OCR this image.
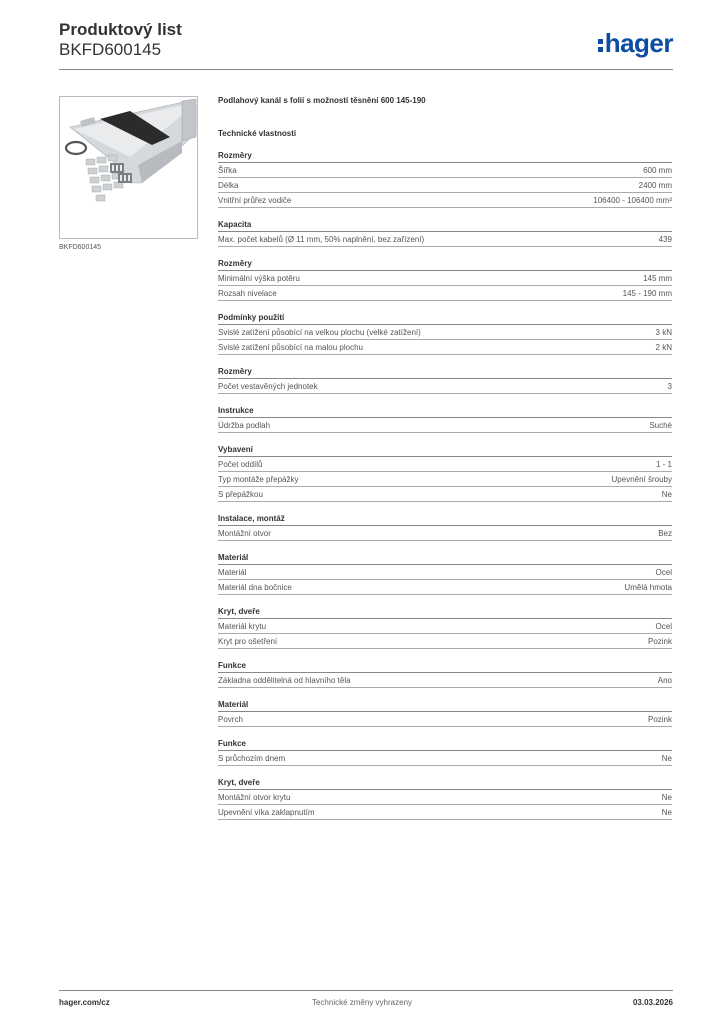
Produktový list
BKFD600145	hager
BKFD600145
Podlahový kanál s folií s možností těsnění 600 145-190
Technické vlastnosti
Rozměry
Šířka	600 mm
Délka	2400 mm
Vnitřní průřez vodiče	106400 - 106400 mm²
Kapacita
Max. počet kabelů (Ø 11 mm, 50% naplnění, bez zařízení)	439
Rozměry
Minimální výška potěru	145 mm
Rozsah nivelace	145 - 190 mm
Podmínky použití
Svislé zatížení působící na velkou plochu (velké zatížení)	3 kN
Svislé zatížení působící na malou plochu	2 kN
Rozměry
Počet vestavěných jednotek	3
Instrukce
Údržba podlah	Suché
Vybavení
Počet oddílů	1 - 1
Typ montáže přepážky	Upevnění šrouby
S přepážkou	Ne
Instalace, montáž
Montážní otvor	Bez
Materiál
Materiál	Ocel
Materiál dna bočnice	Umělá hmota
Kryt, dveře
Materiál krytu	Ocel
Kryt pro ošetření	Pozink
Funkce
Základna oddělitelná od hlavního těla	Ano
Materiál
Povrch	Pozink
Funkce
S průchozím dnem	Ne
Kryt, dveře
Montážní otvor krytu	Ne
Upevnění víka zaklapnutím	Ne
hager.com/cz	Technické změny vyhrazeny	03.03.2026
